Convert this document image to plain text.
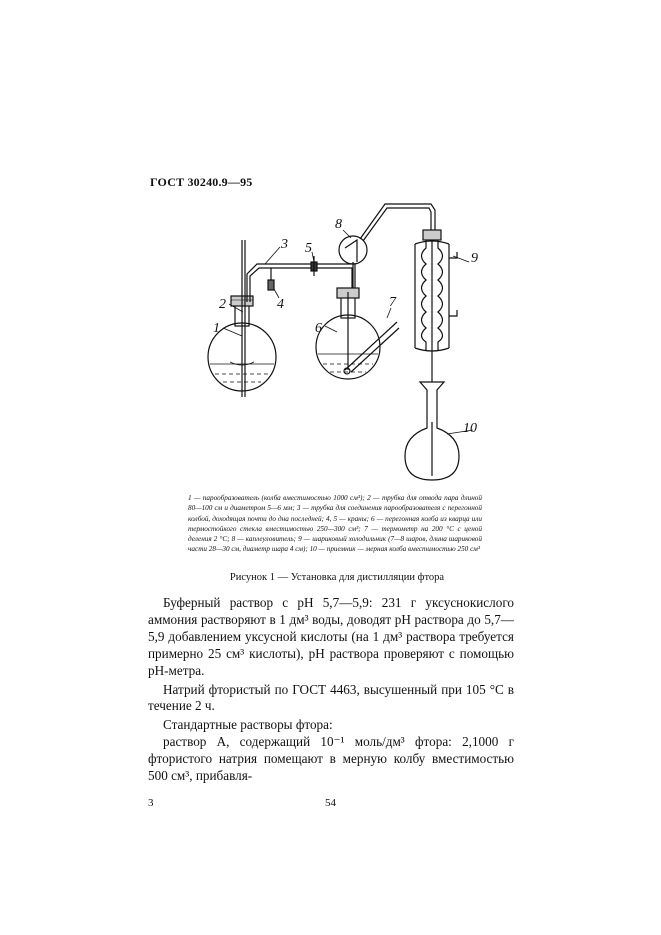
ГОСТ 30240.9—95
1
2
3
4
5
6
7
8
9
10
1 — парообразователь (колба вместимостью 1000 см³); 2 — трубка для отвода пара длиной 80—100 см и диаметром 5—6 мм; 3 — трубка для соединения парообразователя с перегонной колбой, доходящая почти до дна последней; 4, 5 — краны; 6 — перегонная колба из кварца или термостойкого стекла вместимостью 250—300 см³; 7 — термометр на 200 °С с ценой деления 2 °С; 8 — каплеуловитель; 9 — шариковый холодильник (7—8 шаров, длина шариковой части 28—30 см, диаметр шара 4 см); 10 — приемник — мерная колба вместимостью 250 см³
Рисунок 1 — Установка для дистилляции фтора

Буферный раствор с рН 5,7—5,9: 231 г уксуснокислого аммония растворяют в 1 дм³ воды, доводят рН раствора до 5,7—5,9 добавлением уксусной кислоты (на 1 дм³ раствора требуется примерно 25 см³ кислоты), рН раствора проверяют с помощью рН-метра.

Натрий фтористый по ГОСТ 4463, высушенный при 105 °С в течение 2 ч.

Стандартные растворы фтора:

раствор А, содержащий 10⁻¹ моль/дм³ фтора: 2,1000 г фтористого натрия помещают в мерную колбу вместимостью 500 см³, прибавля-

3	54
